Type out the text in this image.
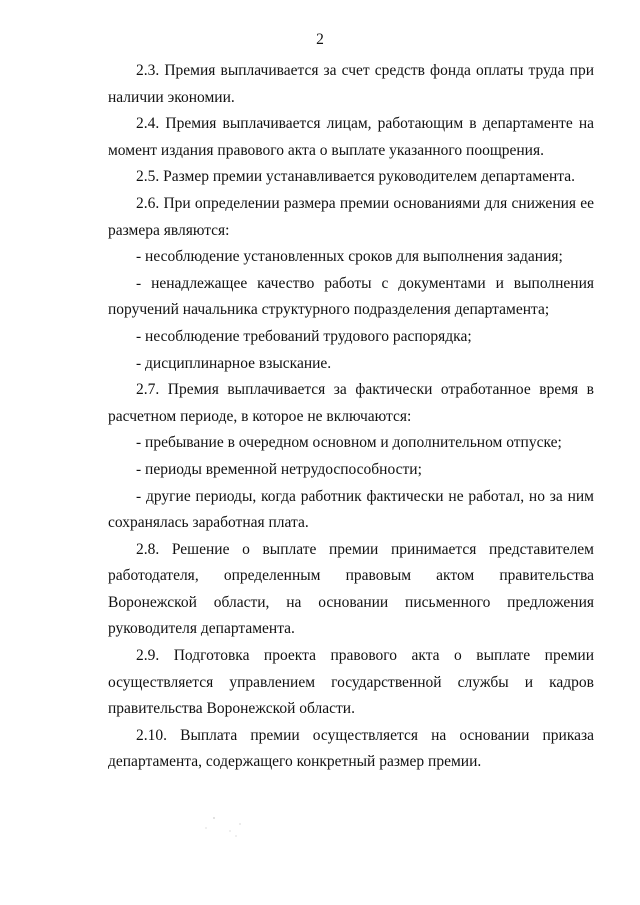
2

2.3. Премия выплачивается за счет средств фонда оплаты труда при наличии экономии.

2.4. Премия выплачивается лицам, работающим в департаменте на момент издания правового акта о выплате указанного поощрения.

2.5. Размер премии устанавливается руководителем департамента.

2.6. При определении размера премии основаниями для снижения ее размера являются:

- несоблюдение установленных сроков для выполнения задания;

- ненадлежащее качество работы с документами и выполнения поручений начальника структурного подразделения департамента;

- несоблюдение требований трудового распорядка;

- дисциплинарное взыскание.

2.7. Премия выплачивается за фактически отработанное время в расчетном периоде, в которое не включаются:

- пребывание в очередном основном и дополнительном отпуске;

- периоды временной нетрудоспособности;

- другие периоды, когда работник фактически не работал, но за ним сохранялась заработная плата.

2.8. Решение о выплате премии принимается представителем работодателя, определенным правовым актом правительства Воронежской области, на основании письменного предложения руководителя департамента.

2.9. Подготовка проекта правового акта о выплате премии осуществляется управлением государственной службы и кадров правительства Воронежской области.

2.10. Выплата премии осуществляется на основании приказа департамента, содержащего конкретный размер премии.
